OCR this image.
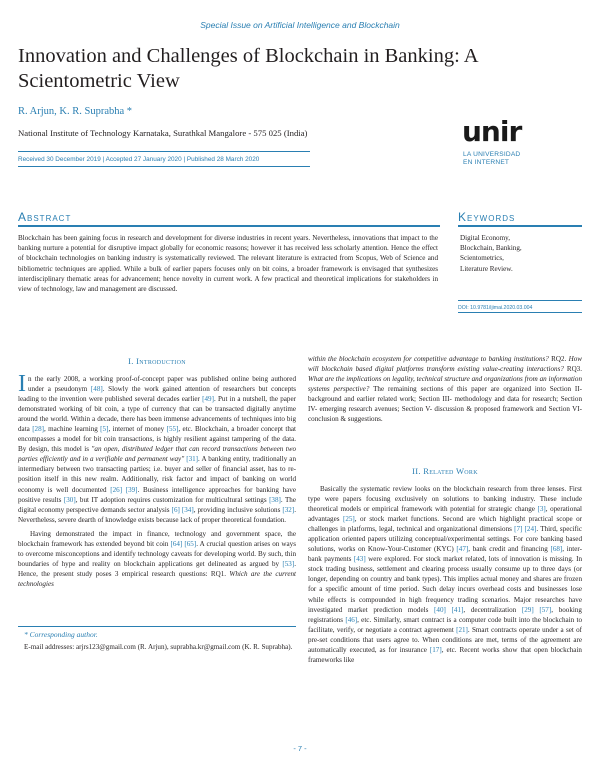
Special Issue on Artificial Intelligence and Blockchain
Innovation and Challenges of Blockchain in Banking: A Scientometric View
R. Arjun, K. R. Suprabha *
National Institute of Technology Karnataka, Surathkal Mangalore - 575 025 (India)
Received 30 December 2019 | Accepted 27 January 2020 | Published 28 March 2020
unir
LA UNIVERSIDAD
EN INTERNET
Abstract
Blockchain has been gaining focus in research and development for diverse industries in recent years. Nevertheless, innovations that impact to the banking nurture a potential for disruptive impact globally for economic reasons; however it has received less scholarly attention. Hence the effect of blockchain technologies on banking industry is systematically reviewed. The relevant literature is extracted from Scopus, Web of Science and bibliometric techniques are applied. While a bulk of earlier papers focuses only on bit coins, a broader framework is envisaged that synthesizes interdisciplinary thematic areas for advancement; hence novelty in current work. A few practical and theoretical implications for stakeholders in view of technology, law and management are discussed.
Keywords
Digital Economy,
Blockchain, Banking,
Scientometrics,
Literature Review.
DOI: 10.9781/ijimai.2020.03.004
I. Introduction

In the early 2008, a working proof-of-concept paper was published online being authored under a pseudonym [48]. Slowly the work gained attention of researchers but concepts leading to the invention were published several decades earlier [49]. Put in a nutshell, the paper demonstrated working of bit coin, a type of currency that can be transacted digitally anytime around the world. Within a decade, there has been immense advancements of techniques into big data [28], machine learning [5], internet of money [55], etc. Blockchain, a broader concept that encompasses a model for bit coin transactions, is highly resilient against tampering of the data. By design, this model is "an open, distributed ledger that can record transactions between two parties efficiently and in a verifiable and permanent way" [31]. A banking entity, traditionally an intermediary between two transacting parties; i.e. buyer and seller of financial asset, has to re-position itself in this new realm. Additionally, risk factor and impact of banking on world economy is well documented [26] [39]. Business intelligence approaches for banking have positive results [30], but IT adoption requires customization for multicultural settings [38]. The digital economy perspective demands sector analysis [6] [34], providing inclusive solutions [32]. Nevertheless, severe dearth of knowledge exists because lack of proper theoretical foundation.

Having demonstrated the impact in finance, technology and government space, the blockchain framework has extended beyond bit coin [64] [65]. A crucial question arises on ways to overcome misconceptions and identify technology caveats for developing world. By such, thin boundaries of hype and reality on blockchain applications get delineated as argued by [53]. Hence, the present study poses 3 empirical research questions: RQ1. Which are the current technologies

* Corresponding author.
E-mail addresses: arjrs123@gmail.com (R. Arjun), suprabha.kr@gmail.com (K. R. Suprabha).

within the blockchain ecosystem for competitive advantage to banking institutions? RQ2. How will blockchain based digital platforms transform existing value-creating interactions? RQ3. What are the implications on legality, technical structure and organizations from an information systems perspective? The remaining sections of this paper are organized into Section II- background and earlier related work; Section III- methodology and data for research; Section IV- emerging research avenues; Section V- discussion & proposed framework and Section VI- conclusion & suggestions.

II. Related Work

Basically the systematic review looks on the blockchain research from three lenses. First type were papers focusing exclusively on solutions to banking industry. These include theoretical models or empirical framework with potential for strategic change [3], operational advantages [25], or stock market functions. Second are which highlight practical scope or challenges in platforms, legal, technical and organizational dimensions [7] [24]. Third, specific application oriented papers utilizing conceptual/experimental settings. For core banking based solutions, works on Know-Your-Customer (KYC) [47], bank credit and financing [68], inter-bank payments [43] were explored. For stock market related, lots of innovation is missing. In stock trading business, settlement and clearing process usually consume up to three days (or longer, depending on country and bank types). This implies actual money and shares are frozen for a specific amount of time period. Such delay incurs overhead costs and businesses lose while effects is compounded in high frequency trading scenarios. Major researches have investigated market prediction models [40] [41], decentralization [29] [57], booking registrations [46], etc. Similarly, smart contract is a computer code built into the blockchain to facilitate, verify, or negotiate a contract agreement [21]. Smart contracts operate under a set of pre-set conditions that users agree to. When conditions are met, terms of the agreement are automatically executed, as for insurance [17], etc. Recent works show that open blockchain frameworks like

- 7 -
